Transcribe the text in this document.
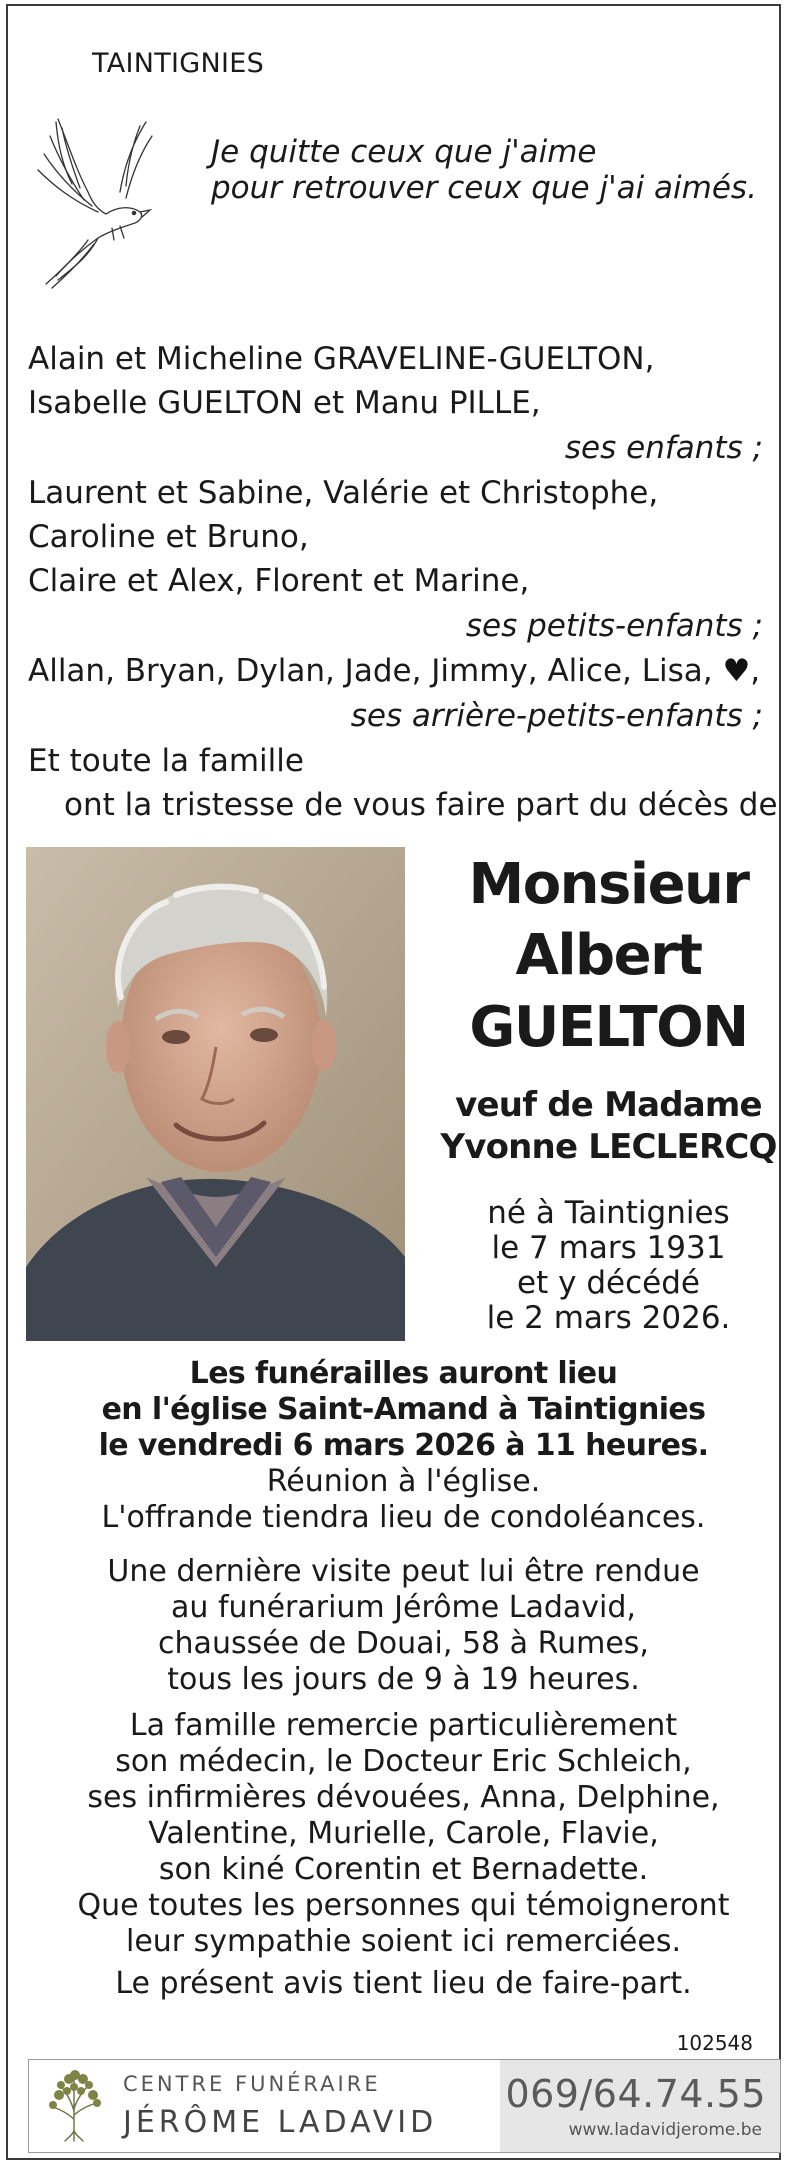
TAINTIGNIES
Je quitte ceux que j'aime
pour retrouver ceux que j'ai aimés.
Alain et Micheline GRAVELINE-GUELTON,
Isabelle GUELTON et Manu PILLE,
ses enfants ;
Laurent et Sabine, Valérie et Christophe,
Caroline et Bruno,
Claire et Alex, Florent et Marine,
ses petits-enfants ;
Allan, Bryan, Dylan, Jade, Jimmy, Alice, Lisa, ♥,
ses arrière-petits-enfants ;
Et toute la famille
ont la tristesse de vous faire part du décès de
Monsieur
Albert
GUELTON
veuf de Madame
Yvonne LECLERCQ
né à Taintignies
le 7 mars 1931
et y décédé
le 2 mars 2026.
Les funérailles auront lieu
en l'église Saint-Amand à Taintignies
le vendredi 6 mars 2026 à 11 heures.
Réunion à l'église.
L'offrande tiendra lieu de condoléances.
Une dernière visite peut lui être rendue
au funérarium Jérôme Ladavid,
chaussée de Douai, 58 à Rumes,
tous les jours de 9 à 19 heures.
La famille remercie particulièrement
son médecin, le Docteur Eric Schleich,
ses infirmières dévouées, Anna, Delphine,
Valentine, Murielle, Carole, Flavie,
son kiné Corentin et Bernadette.
Que toutes les personnes qui témoigneront
leur sympathie soient ici remerciées.
Le présent avis tient lieu de faire-part.
102548
CENTRE FUNÉRAIRE
JÉRÔME LADAVID
069/64.74.55
www.ladavidjerome.be
